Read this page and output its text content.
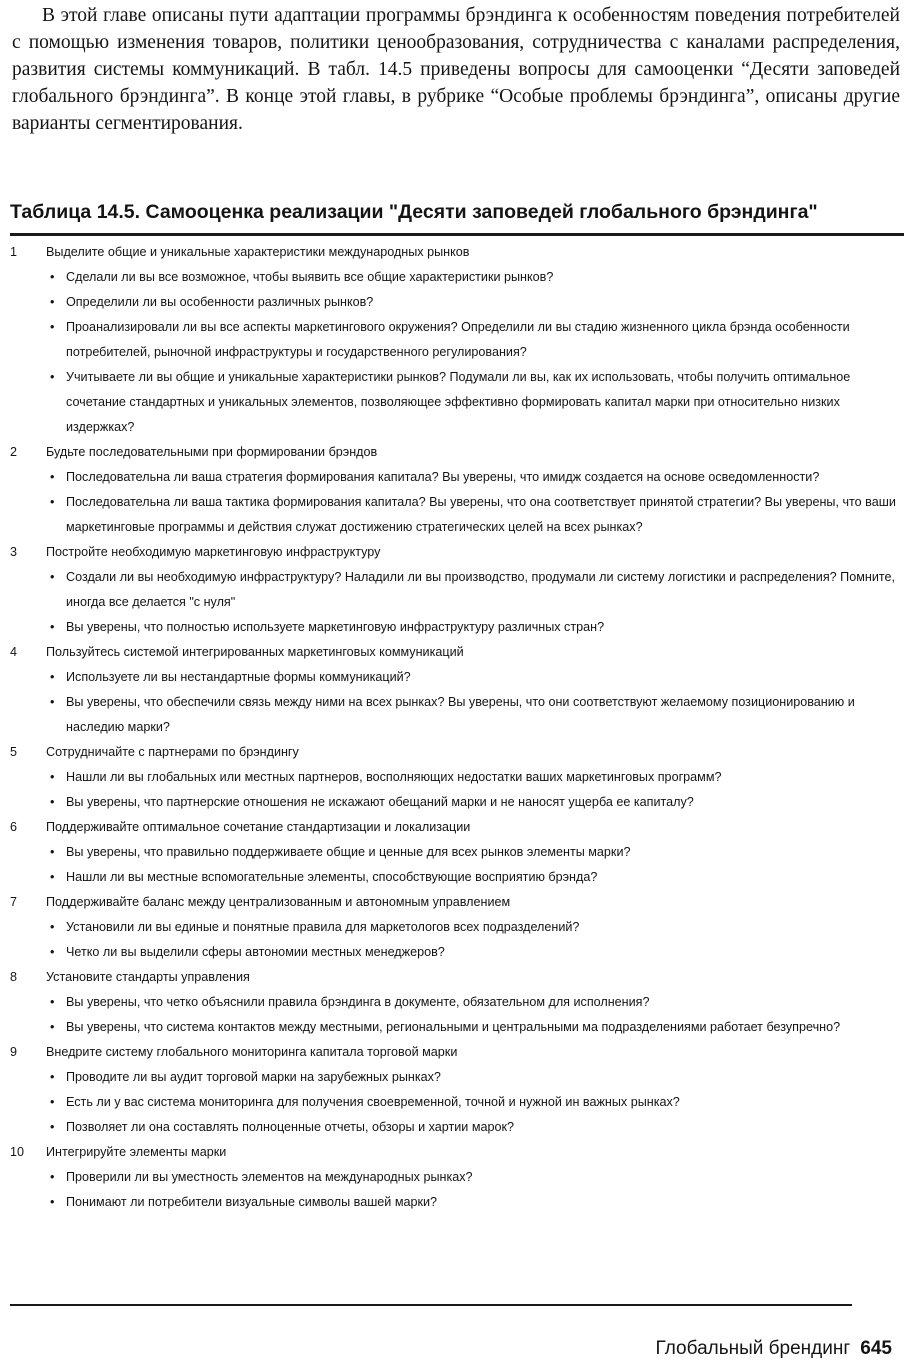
В этой главе описаны пути адаптации программы брэндинга к особенностям поведения потребителей с помощью изменения товаров, политики ценообразования, сотрудничества с каналами распределения, развития системы коммуникаций. В табл. 14.5 приведены вопросы для самооценки “Десяти заповедей глобального брэндинга”. В конце этой главы, в рубрике “Особые проблемы брэндинга”, описаны другие варианты сегментирования.

Таблица 14.5. Самооценка реализации "Десяти заповедей глобального брэндинга"
1	Выделите общие и уникальные характеристики международных рынков
• Сделали ли вы все возможное, чтобы выявить все общие характеристики рынков?
• Определили ли вы особенности различных рынков?
• Проанализировали ли вы все аспекты маркетингового окружения? Определили ли вы стадию жизненного цикла брэнда особенности потребителей, рыночной инфраструктуры и государственного регулирования?
• Учитываете ли вы общие и уникальные характеристики рынков? Подумали ли вы, как их использовать, чтобы получить оптимальное сочетание стандартных и уникальных элементов, позволяющее эффективно формировать капитал марки при относительно низких издержках?
2	Будьте последовательными при формировании брэндов
• Последовательна ли ваша стратегия формирования капитала? Вы уверены, что имидж создается на основе осведомленности?
• Последовательна ли ваша тактика формирования капитала? Вы уверены, что она соответствует принятой стратегии? Вы уверены, что ваши маркетинговые программы и действия служат достижению стратегических целей на всех рынках?
3	Постройте необходимую маркетинговую инфраструктуру
• Создали ли вы необходимую инфраструктуру? Наладили ли вы производство, продумали ли систему логистики и распределения? Помните, иногда все делается "с нуля"
• Вы уверены, что полностью используете маркетинговую инфраструктуру различных стран?
4	Пользуйтесь системой интегрированных маркетинговых коммуникаций
• Используете ли вы нестандартные формы коммуникаций?
• Вы уверены, что обеспечили связь между ними на всех рынках? Вы уверены, что они соответствуют желаемому позиционированию и наследию марки?
5	Сотрудничайте с партнерами по брэндингу
• Нашли ли вы глобальных или местных партнеров, восполняющих недостатки ваших маркетинговых программ?
• Вы уверены, что партнерские отношения не искажают обещаний марки и не наносят ущерба ее капиталу?
6	Поддерживайте оптимальное сочетание стандартизации и локализации
• Вы уверены, что правильно поддерживаете общие и ценные для всех рынков элементы марки?
• Нашли ли вы местные вспомогательные элементы, способствующие восприятию брэнда?
7	Поддерживайте баланс между централизованным и автономным управлением
• Установили ли вы единые и понятные правила для маркетологов всех подразделений?
• Четко ли вы выделили сферы автономии местных менеджеров?
8	Установите стандарты управления
• Вы уверены, что четко объяснили правила брэндинга в документе, обязательном для исполнения?
• Вы уверены, что система контактов между местными, региональными и центральными ма подразделениями работает безупречно?
9	Внедрите систему глобального мониторинга капитала торговой марки
• Проводите ли вы аудит торговой марки на зарубежных рынках?
• Есть ли у вас система мониторинга для получения своевременной, точной и нужной ин важных рынках?
• Позволяет ли она составлять полноценные отчеты, обзоры и хартии марок?
10	Интегрируйте элементы марки
• Проверили ли вы уместность элементов на международных рынках?
• Понимают ли потребители визуальные символы вашей марки?
Глобальный брендинг 645
